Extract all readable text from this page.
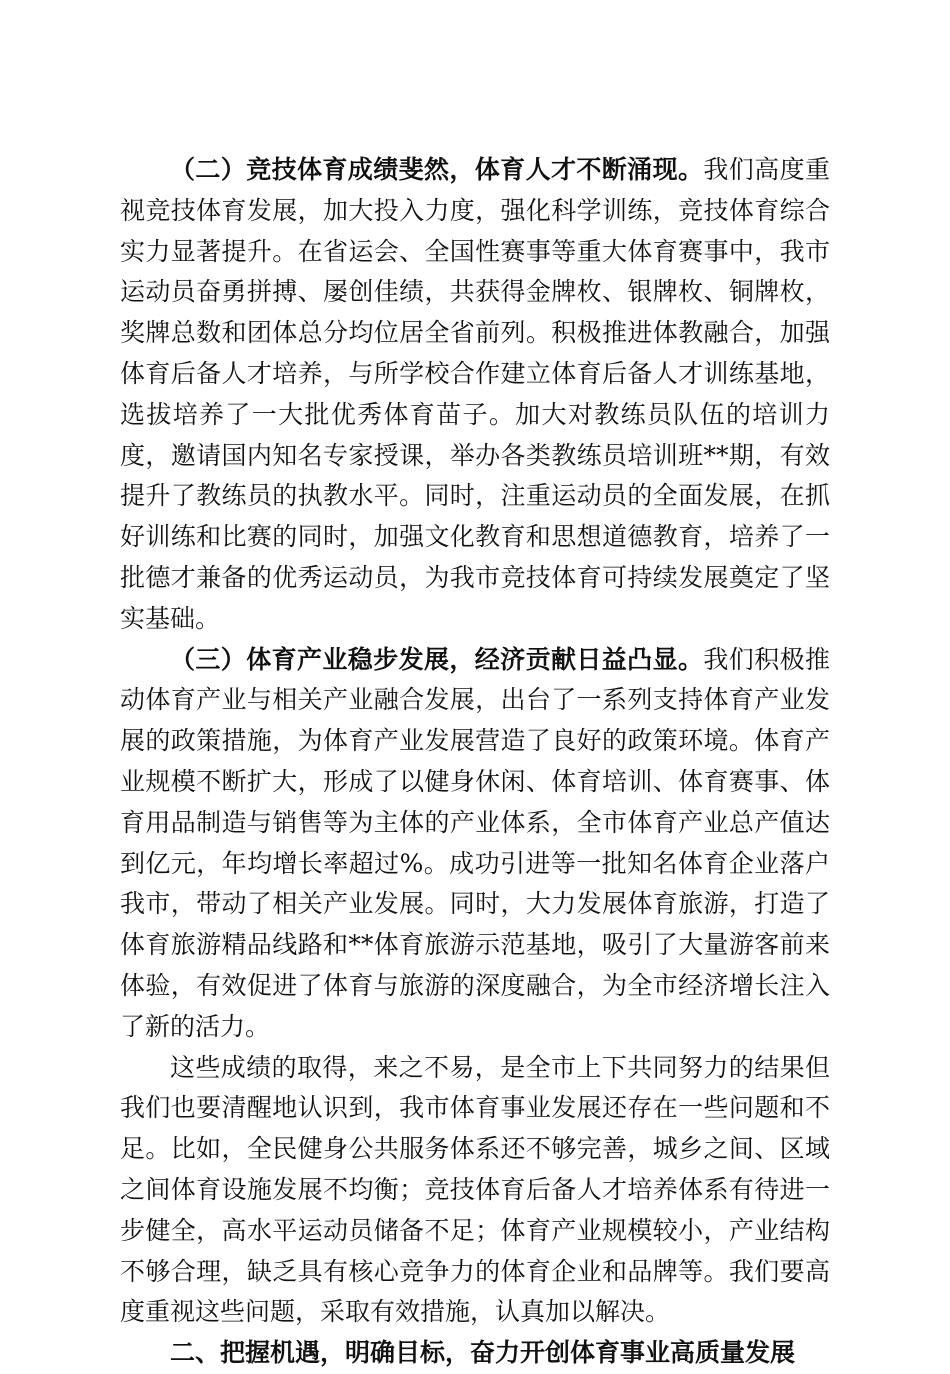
（二）竞技体育成绩斐然，体育人才不断涌现。我们高度重视竞技体育发展，加大投入力度，强化科学训练，竞技体育综合实力显著提升。在省运会、全国性赛事等重大体育赛事中，我市运动员奋勇拼搏、屡创佳绩，共获得金牌枚、银牌枚、铜牌枚，奖牌总数和团体总分均位居全省前列。积极推进体教融合，加强体育后备人才培养，与所学校合作建立体育后备人才训练基地，选拔培养了一大批优秀体育苗子。加大对教练员队伍的培训力度，邀请国内知名专家授课，举办各类教练员培训班**期，有效提升了教练员的执教水平。同时，注重运动员的全面发展，在抓好训练和比赛的同时，加强文化教育和思想道德教育，培养了一批德才兼备的优秀运动员，为我市竞技体育可持续发展奠定了坚实基础。

（三）体育产业稳步发展，经济贡献日益凸显。我们积极推动体育产业与相关产业融合发展，出台了一系列支持体育产业发展的政策措施，为体育产业发展营造了良好的政策环境。体育产业规模不断扩大，形成了以健身休闲、体育培训、体育赛事、体育用品制造与销售等为主体的产业体系，全市体育产业总产值达到亿元，年均增长率超过%。成功引进等一批知名体育企业落户我市，带动了相关产业发展。同时，大力发展体育旅游，打造了体育旅游精品线路和**体育旅游示范基地，吸引了大量游客前来体验，有效促进了体育与旅游的深度融合，为全市经济增长注入了新的活力。

这些成绩的取得，来之不易，是全市上下共同努力的结果但我们也要清醒地认识到，我市体育事业发展还存在一些问题和不足。比如，全民健身公共服务体系还不够完善，城乡之间、区域之间体育设施发展不均衡；竞技体育后备人才培养体系有待进一步健全，高水平运动员储备不足；体育产业规模较小，产业结构不够合理，缺乏具有核心竞争力的体育企业和品牌等。我们要高度重视这些问题，采取有效措施，认真加以解决。

二、把握机遇，明确目标，奋力开创体育事业高质量发展
